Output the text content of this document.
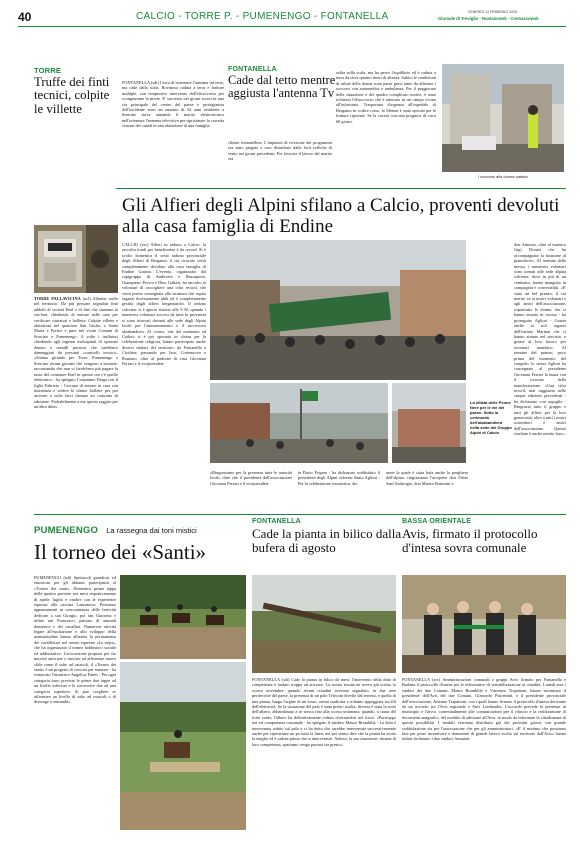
40	CALCIO - TORRE P. - PUMENENGO - FONTANELLA	VENERDÌ 14 FEBBRAIO 2020
Giornale di Treviglio - Romanowsk - Cremascowsk
TORRE
Truffe dei finti tecnici, colpite le villette
TORRE PALLAVICINA (acl) Allarme truffe nel territorio. Da più persone segnalati finti addetti di società Enel e di fine che suonano ai citofoni, chiedendo di entrare nelle case per verificare contatori e bollette. Colpite villette e abitazioni nel quartiere San Giulia, a Santa Maria e Portici e pure nei vicini Comuni di Soncino e Pumenengo. A volte i truffatori chiedendo agli ingenui malcapitati di spostare denaro e metalli preziosi che sarebbero danneggiati da presunti «controlli tecnici». «Stiamo girando per Torre, Pumenengo e Soncino alcuni giovani che vengono a suonare, raccontando che non vi fareb-bero più pagare la tassa del contatore Enel in questo ora c'è quello elettronico - ha spiegato Costantino Draga con il figlio Fabrizio - Cercano di entrare in casa con insistenza e vedere le ultime bollette per poi arrivare a volte farci firmare un contratto di adesione. Probabilmente a me questo raggiro per un'altra ditta».
FONTANELLA
Cade dal tetto mentre aggiusta l'antenna Tv
FONTANELLA (sdi) Cerca di sistemare l'antenna sul tetto, ma cade dalla scala. Rovinosa caduta a terra e fratture multiple, con tempestivo intervento dell'elisoccorso per scongiurarne la morte. E' successo nei giorni scorsi in una via principale del centro del paese e protagonista dell'incidente sono un anziano di 54 anni residente a Soncino stava aiutando il marito elettrotecnico nell'orientare l'antenna televisiva per ripristinare la corretta visione dei canali in una abitazione di una famiglia
cliente fontanellese. L'impianto di ricezione dei programmi era stato piegato e reso disturbato dalle forti raffiche di vento nei giorni precedenti. Per favorire il lavoro del marito era
salita sulla scala, ma ha perso l'equilibrio ed è caduta a terra da circa quattro metri di altezza. Subito le condizioni di salute della donna sono parse gravi tanto da allertare i soccorsi con automedica e ambulanza. Per il peggiorare della situazione e del quadro complicato motivi, è stato richiesto l'elisoccorso che è atterrato in un campo vicino all'infortunio. Trasportata d'urgenza all'ospedale di Bergamo in codice rosso, la 54enne è stata operata per le fratture riportate. Se la caverà con una prognosi di circa 60 giorni.
I soccorsi alla donna caduta
Gli Alfieri degli Alpini sfilano a Calcio, proventi devoluti alla casa famiglia di Endine
CALCIO (zrc) Alfieri in raduno a Calcio: la raccolta fondi per beneficenza è da record. Si è svolto domenica il sesto raduno provinciale degli Alfieri di Bergamo, il cui ricavato verrà completamente devoluto alla casa famiglia di Endine Gaiano. L'evento, organizzato dal capigruppo di Ambivere e Brusaporto, Giampietro Perico e Dino Galizzi, ha raccolto ai volontari di raccogliere una cifra record, che verrà presto consegnata alla struttura che ospita ragazzi diversamente abili ed è completamente gestita dagli alfieri bergamaschi. Il raduno calcense si è aperto attorno alle 9.30, quando i numerosi volontari accorsi da tutta la provincia si sono ritrovati davanti alle sede degli Alpini locali per l'ammassamento e il successivo alzabandiera. Al corteo, che dal momento ad Cadorò si è poi spostato in chiesa per la celebrazione religiosa, hanno partecipato anche diversi sindaci del territorio: da Fontanella a Cividate, passando per Isso, Cortenuova e Romano, oltre al padrone di casa Giovanni Ferrari e il vicepresiden-
La sfilata delle Penne Nere per le vie del paese. Sotto la cerimonia dell'alzabandiera nella sede dei Gruppo Alpini di Calcio
«Ringraziamo per la presenza tutte le autorità locali, oltre che il presidente dell'associazione Giovanni Ferrari e il vicepresiden-
te Dario Frigeni - ha dichiarato soddisfatto il presidente degli Alpini calcensi Santo Agliosi - Per la celebrazione eucaristica, du-
rante la quale è stata letta anche la preghiera dell'alpino, ringraziamo l'arciprete don Fabio Sant'Ambrogio, don Matteo Bottesini e
don Antonio, oltre al maestro Gigi Donati che ha accompagnato la funzione al pianoforte». Al termine della messa, i numerosi volontari sono tornati alle sede alpina calcense, dove in più di un centinaio, hanno mangiato in compagnia e convivialità. «E' stato un bel pranzo, il cui merito va ai nostri volontari e agli amici dell'associazione, soprattutto le donne, che ci hanno aiutato in cucina - ha proseguito Agliosi - Grazie anche ai soli ragazzi dell'istituto Marinai che ci hanno aiutato nel servizio, e grazie al loro lavoro per avvenuti mandati». Al termine del pranzo, poco prima del momento del congedo, lo stesso Agliosi ha consegnato al presidente Giovanni Ferrari la busta con il ricavato della manifestazione. «Una cifra record, mai raggiunta nelle cinque edizioni precedenti - ha dichiarato con orgoglio - Ringrazio tutto il gruppo e tutti gli alfieri per la loro generosità, oltre a tutti i nostri sostenitori e amici dell'associazione. Questo risultato è anche merito loro».
PUMENENGO La rassegna dai toni mistici
Il torneo dei «Santi»
PUMENENGO (sdi) Spettacoli grandiosi ed emozioni per gli abitanti partecipanti al «Torneo dei santi». Domenica prima tappa delle quattro previste nei mesi rispettivamente di aprile, luglio e ottobre con le esperienze equestri alla cascina Lanzanova. Possiamo appuntamenti in concomitanza delle festività dedicate a san Giorgio, poi san Giacomo e infine san Francesco, patrono di animali domestici e dei cavallari. Numerose attività legate all'equitazione e allo sviluppo della mansuetudine hanno allietato la permanenza dei cavallerizzi nel centro equestre «Le stepi», che ha organizzato il torneo hobbistico sociale ed addestrativo. Un'occasione propizia per far nascere amicizie e riuscire ad affrontare nuove sfide come il salto ad ostacoli, il «Torneo dei santi» è un progetto di crescita per tenutari - ha rimarcato l'istruttrice Angelica Funes - Per ogni categoria sono previste le prime due tappe ad un livello inferiore e le successive due ad una categoria superiore. Si può scegliere se affrontare un livello di salto ad ostacoli o di dressage o entrambi».
FONTANELLA
Cade la pianta in bilico dalla bufera di agosto
FONTANELLA (sdi) Cade la pianta in bilico da mesi: l'intervento della ditta di competenza è tardato troppo ad arrivare. La nostra testata ne aveva già scritto lo scorso novembre, quando alcuni cittadini avevano segnalato, in due aree periferiche del paese, la presenza di un palo Telecom divelto dal terreno, e quella di una pianta, lungo l'argine di un fosso, ormai sradicata e soltanto appoggiata sui fili dell'elettricità. Se la situazione del palo è stata presto risolta, diversa è stata la sorte dell'albero, abbandonato a se stesso fino alla scorsa settimana, quando, a causa del forte vento, l'albero ha definitivamente ceduto riversandosi nel fosso. «Purtroppo noi eri competenza comunale - ha spiegato il sindaco Mauro Brambilla - La ditta è intervenuta subito sul palo e ci ha detto che sarebbe intervenuta successivamente anche per ripristinare un po tutta la linea, ma poi siamo dire che la pianta ha avuto la meglio ed è caduta prima che si intervenisse. Adesso, la sua rimozione, rimane di loro competenza, speriamo venga portata via presto».
BASSA ORIENTALE
Avis, firmato il protocollo d'intesa sovra comunale
FONTANELLA (zrc) Amministrazioni comunali e gruppi Avis: firmato per Fontanella e Barbata il protocollo d'intesa per le informative di sensibilizzazione ai cittadini. Lunedì sera i sindaci dei due Comuni, Mauro Brambilla e Vincenzo Trapattoni, hanno incontrato il presidente dell'Avis del due Comuni, Giancarlo Piacentini, e il presidente provinciale dell'associazione, Artemio Trapattoni, con i quali hanno firmato il protocollo d'intesa derivante da un accordo tra l'Avis regionale e Anci Lombardia. L'accordo prevede la presenza in municipio e l'invio, contestualmente alle comunicazioni per il rilascio e la realizzazione di documenti anagrafici, del modulo di adesione all'Avis, in modo da informare la cittadinanza di questa possibilità. I moduli verranno distribuiti già dai prossimi giorni, con grande soddisfazione sia per l'associazione che per gli amministratori. «E' il minimo che possiamo fare per poter incentivare e donazione di grande lavoro svolto sul territorio dall'Avis» hanno infatti dichiarato i due sindaci firmatari.
